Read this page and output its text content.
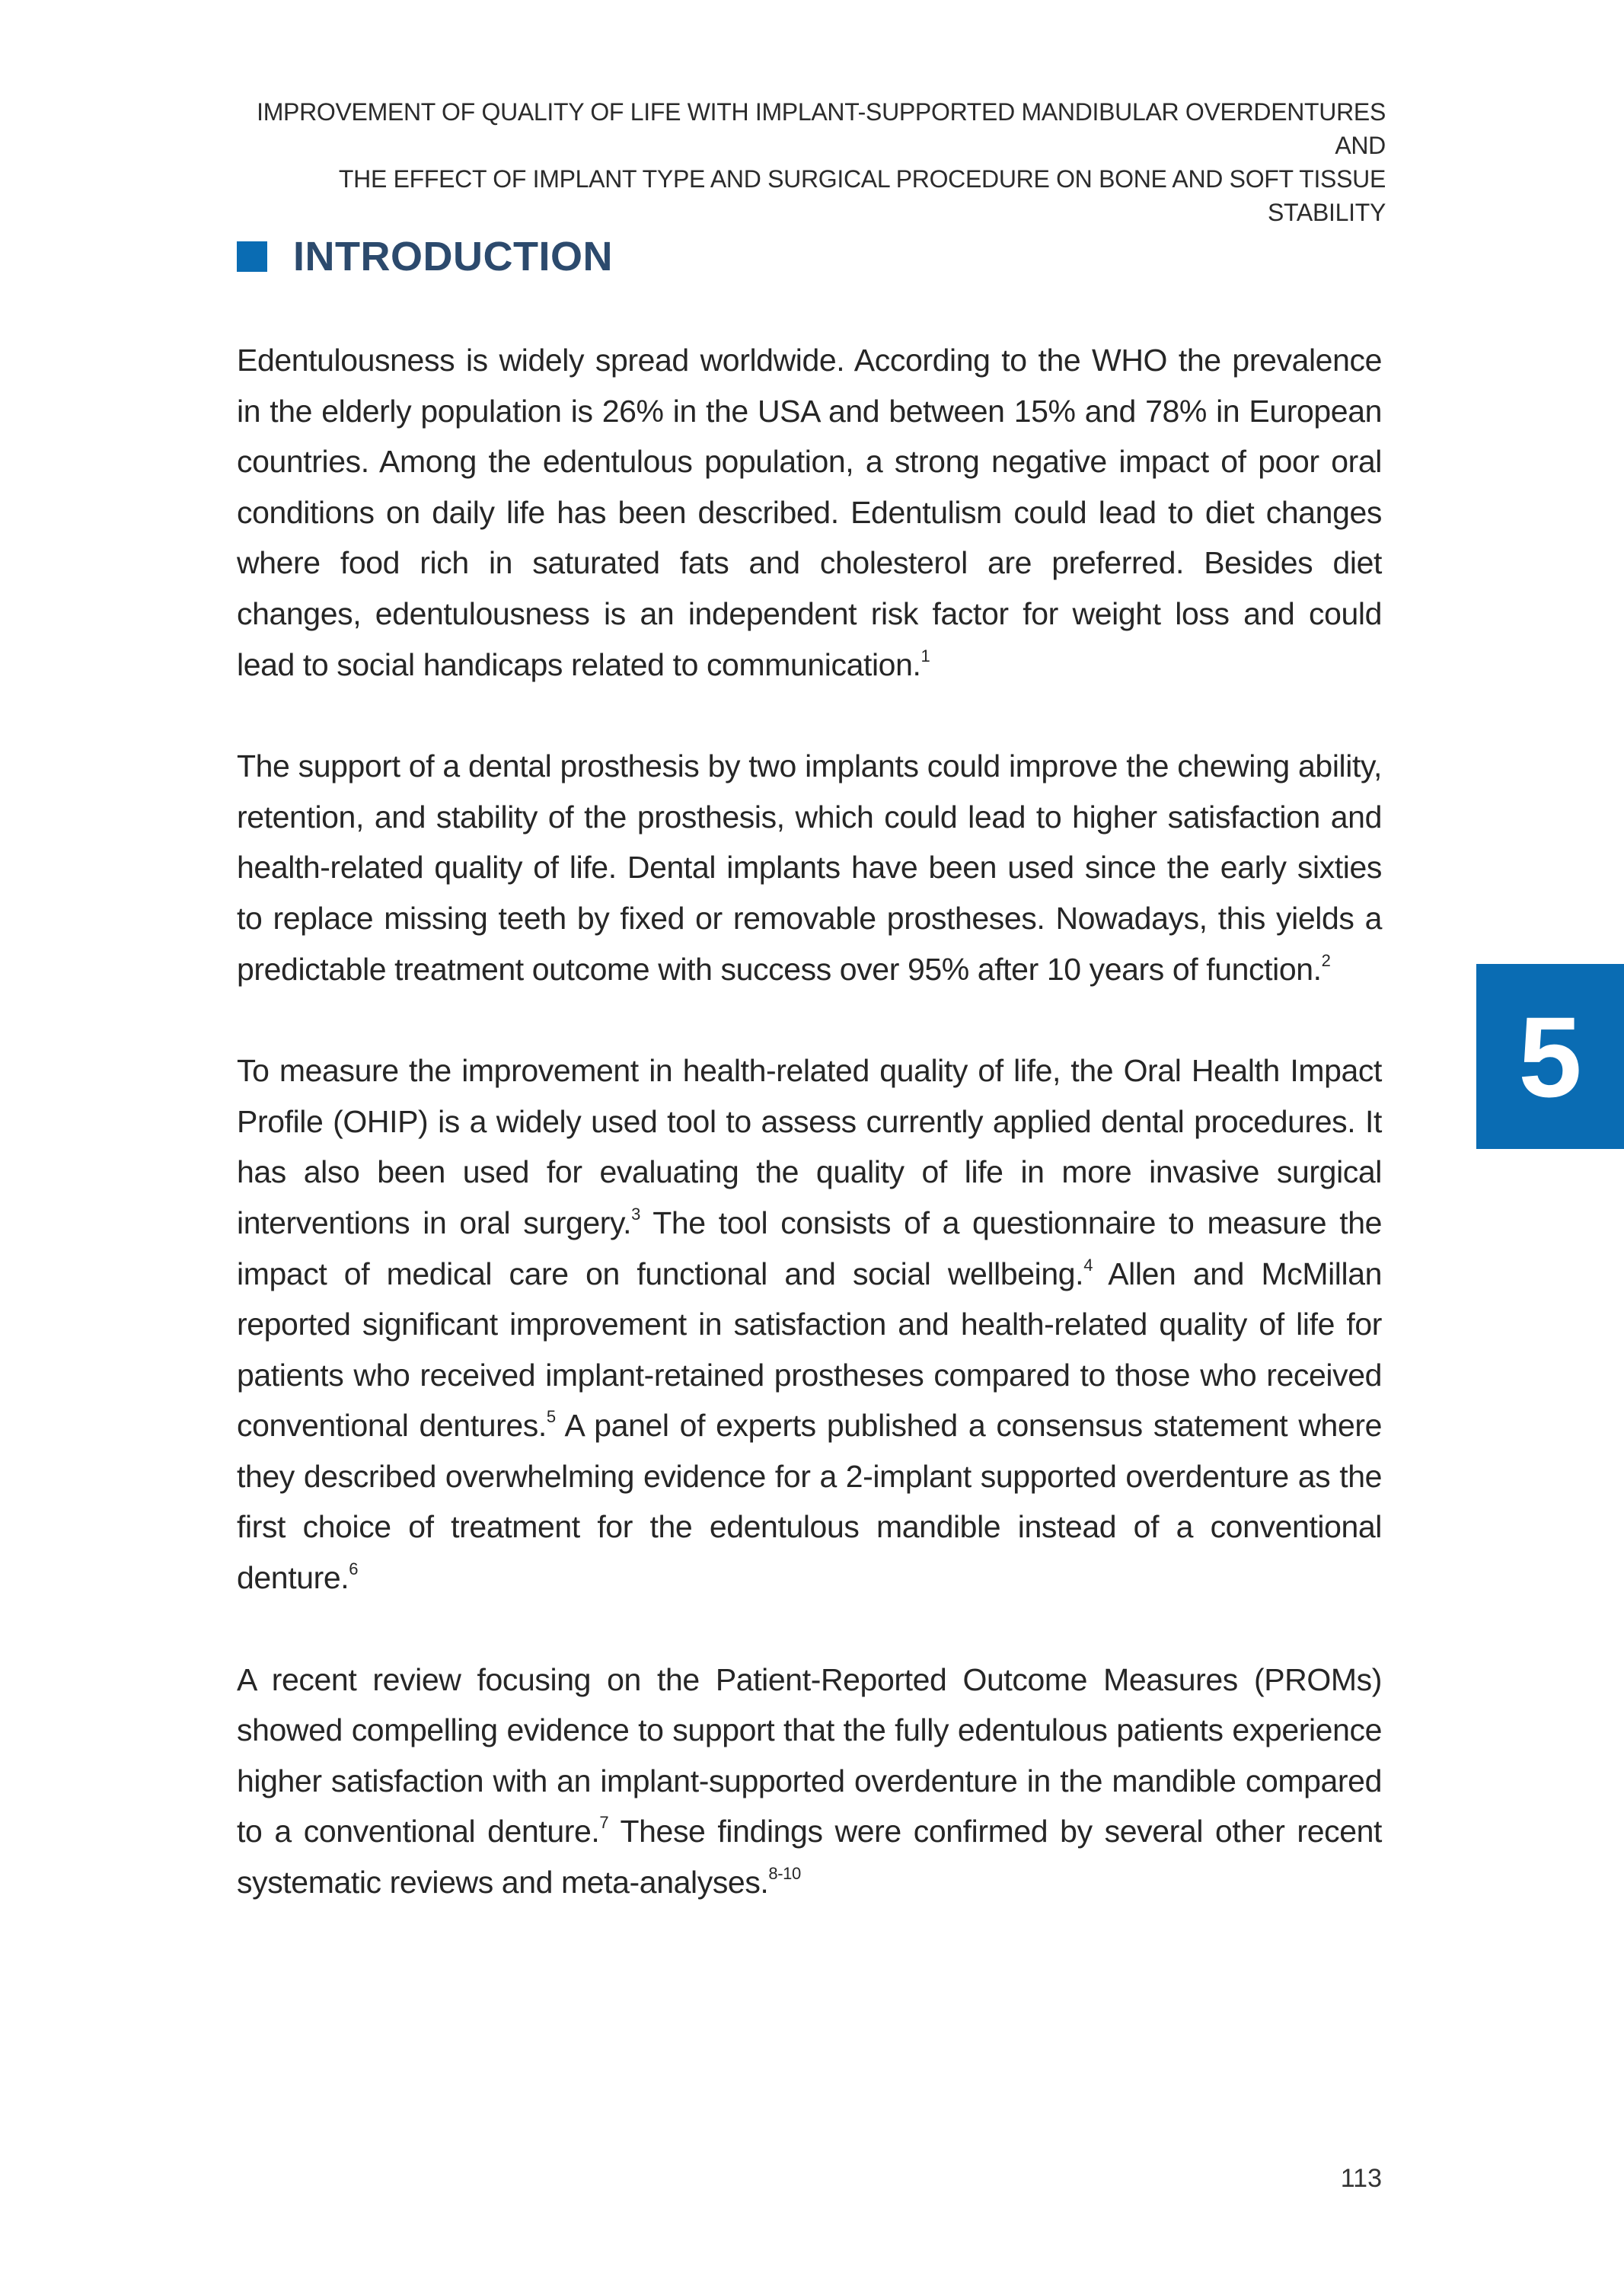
IMPROVEMENT OF QUALITY OF LIFE WITH IMPLANT-SUPPORTED MANDIBULAR OVERDENTURES AND
THE EFFECT OF IMPLANT TYPE AND SURGICAL PROCEDURE ON BONE AND SOFT TISSUE STABILITY
INTRODUCTION

Edentulousness is widely spread worldwide. According to the WHO the prevalence in the elderly population is 26% in the USA and between 15% and 78% in European countries. Among the edentulous population, a strong negative impact of poor oral conditions on daily life has been described. Edentulism could lead to diet changes where food rich in saturated fats and cholesterol are preferred. Besides diet changes, edentulousness is an independent risk factor for weight loss and could lead to social handicaps related to communication.$^1$

The support of a dental prosthesis by two implants could improve the chewing ability, retention, and stability of the prosthesis, which could lead to higher satisfaction and health-related quality of life. Dental implants have been used since the early sixties to replace missing teeth by fixed or removable prostheses. Nowadays, this yields a predictable treatment outcome with success over 95% after 10 years of function.$^2$

To measure the improvement in health-related quality of life, the Oral Health Impact Profile (OHIP) is a widely used tool to assess currently applied dental procedures. It has also been used for evaluating the quality of life in more invasive surgical interventions in oral surgery.$^3$ The tool consists of a questionnaire to measure the impact of medical care on functional and social wellbeing.$^4$ Allen and McMillan reported significant improvement in satisfaction and health-related quality of life for patients who received implant-retained prostheses compared to those who received conventional dentures.$^5$ A panel of experts published a consensus statement where they described overwhelming evidence for a 2-implant supported overdenture as the first choice of treatment for the edentulous mandible instead of a conventional denture.$^6$

A recent review focusing on the Patient-Reported Outcome Measures (PROMs) showed compelling evidence to support that the fully edentulous patients experience higher satisfaction with an implant-supported overdenture in the mandible compared to a conventional denture.$^7$ These findings were confirmed by several other recent systematic reviews and meta-analyses.$^{8-10}$

5
113
